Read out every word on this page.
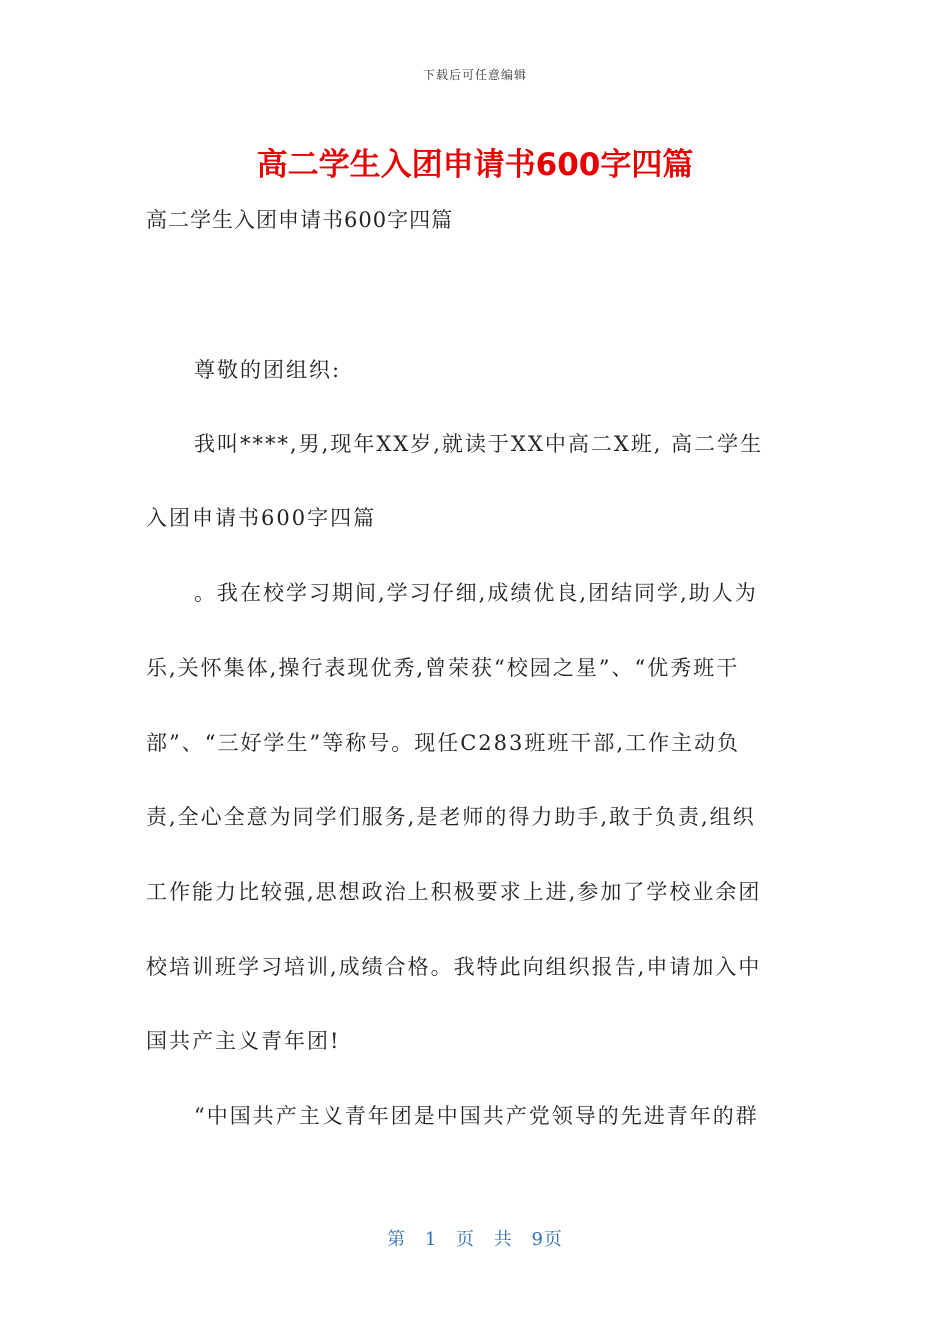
下载后可任意编辑
高二学生入团申请书600字四篇
高二学生入团申请书600字四篇
尊敬的团组织:
我叫****,男,现年XX岁,就读于XX中高二X班, 高二学生
入团申请书600字四篇
。我在校学习期间,学习仔细,成绩优良,团结同学,助人为
乐,关怀集体,操行表现优秀,曾荣获“校园之星”、“优秀班干
部”、“三好学生”等称号。现任C283班班干部,工作主动负
责,全心全意为同学们服务,是老师的得力助手,敢于负责,组织
工作能力比较强,思想政治上积极要求上进,参加了学校业余团
校培训班学习培训,成绩合格。我特此向组织报告,申请加入中
国共产主义青年团!
“中国共产主义青年团是中国共产党领导的先进青年的群
第 1 页 共 9页
